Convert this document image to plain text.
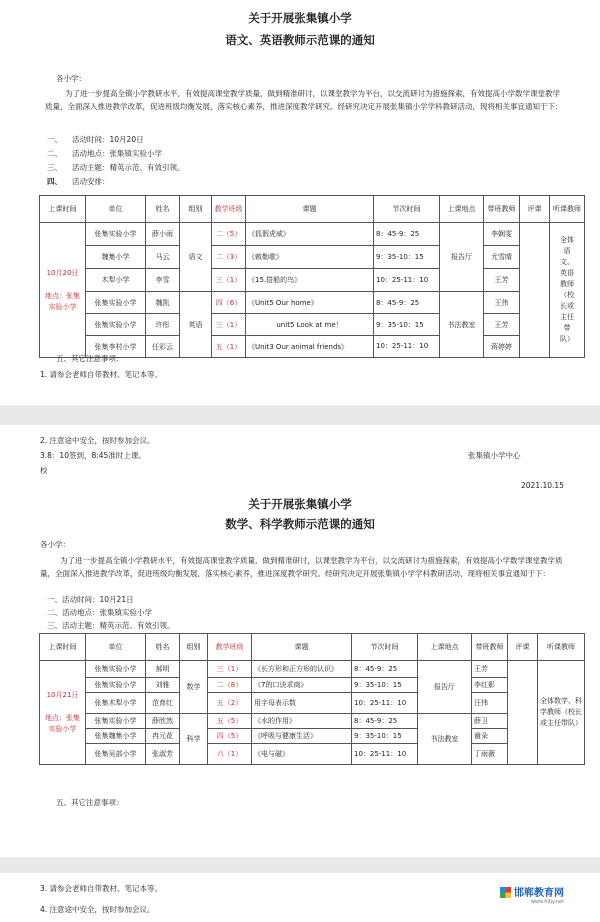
关于开展张集镇小学
语文、英语教师示范课的通知
各小学：
为了进一步提高全镇小学教研水平，有效提高课堂教学质量，做到精准研讨，以课堂教学为平台，以交流研讨为措施探索，有效提高小学数学课堂教学质量，全面深入推进教学改革，促进班级均衡发展，落实核心素养，推进深度教学研究。经研究决定开展张集镇小学学科教研活动，现将相关事宜通知于下：
一、 活动时间：10月20日
二、 活动地点：张集镇实验小学
三、 活动主题：精英示范、有效引领。
四、 活动安排：
上课时间	单位	姓名	组别	教学班级	课题	节次时间	上课地点	带班教师	评课	听课教师

10月20日
地点：张集实验小学	张集实验小学	薛小雨	语文	二（5）	《狐假虎威》	8：45-9：25	报告厅	李娴雯		全体语文、英语教师（校长或主任带队）

	魏集小学	马云		二（3）	《敕勒歌》	9：35-10：15		尤雪晴		
	木犁小学	李雪		三（1）	《15.搭船的鸟》	10：25-11：10		王芳		
	张集实验小学	魏凯	英语	四（6）	《Unit5 Our home》	8：45-9：25	书法教室	王伟		
	张集实验小学	许彤		三（1）	unit5 Look at me！	9：35-10：15		王芳		
	张集李村小学	任彩云		五（1）	《Unit3 Our animal friends》	10：25-11：10		蒋婷婷		
五、其它注意事项：
1. 请参会老师自带教材、笔记本等。
2. 注意途中安全，按时参加会议。
3.8：10签到，8:45准时上课。	张集镇小学中心
校
2021.10.15
关于开展张集镇小学
数学、科学教师示范课的通知
各小学：
为了进一步提高全镇小学教研水平，有效提高课堂教学质量，做到精准研讨，以课堂教学为平台，以交流研讨为措施探索，有效提高小学数学课堂教学质量，全面深入推进教学改革，促进班级均衡发展，落实核心素养，推进深度教学研究。经研究决定开展张集镇小学学科教研活动，现将相关事宜通知于下：
一、活动时间：10月21日
二、活动地点：张集镇实验小学
三、活动主题：精英示范、有效引领。
上课时间	单位	姓名	组别	教学班级	课题	节次时间	上课地点	带班教师	评课	听课教师

10月21日
地点：张集实验小学	张集实验小学	郝明	数学	三（1）	《长方形和正方形的认识》	8：45-9：25	报告厅	王芳		全体数学、科学教师（校长或主任带队）
	张集实验小学	刘雅		二（8）	《7的口诀求商》	9：35-10：15		李红影		
	张集木犁小学	范育红		五（2）	用字母表示数	10：25-11：10		汪伟		
	张集实验小学	薛欣然	科学	五（5）	《水的作用》	8：45-9：25	书法教室	薛卫		
	张集魏集小学	冉元花		四（5）	《呼吸与健康生活》	9：35-10：15		谢朵		
	张集吴部小学	张淑芳		六（1）	《电与磁》	10：25-11：10		丁雨薇		
五、其它注意事项：
3. 请参会老师自带教材、笔记本等。
4. 注意途中安全，按时参加会议。
邯郸教育网
www.hdjy.net
